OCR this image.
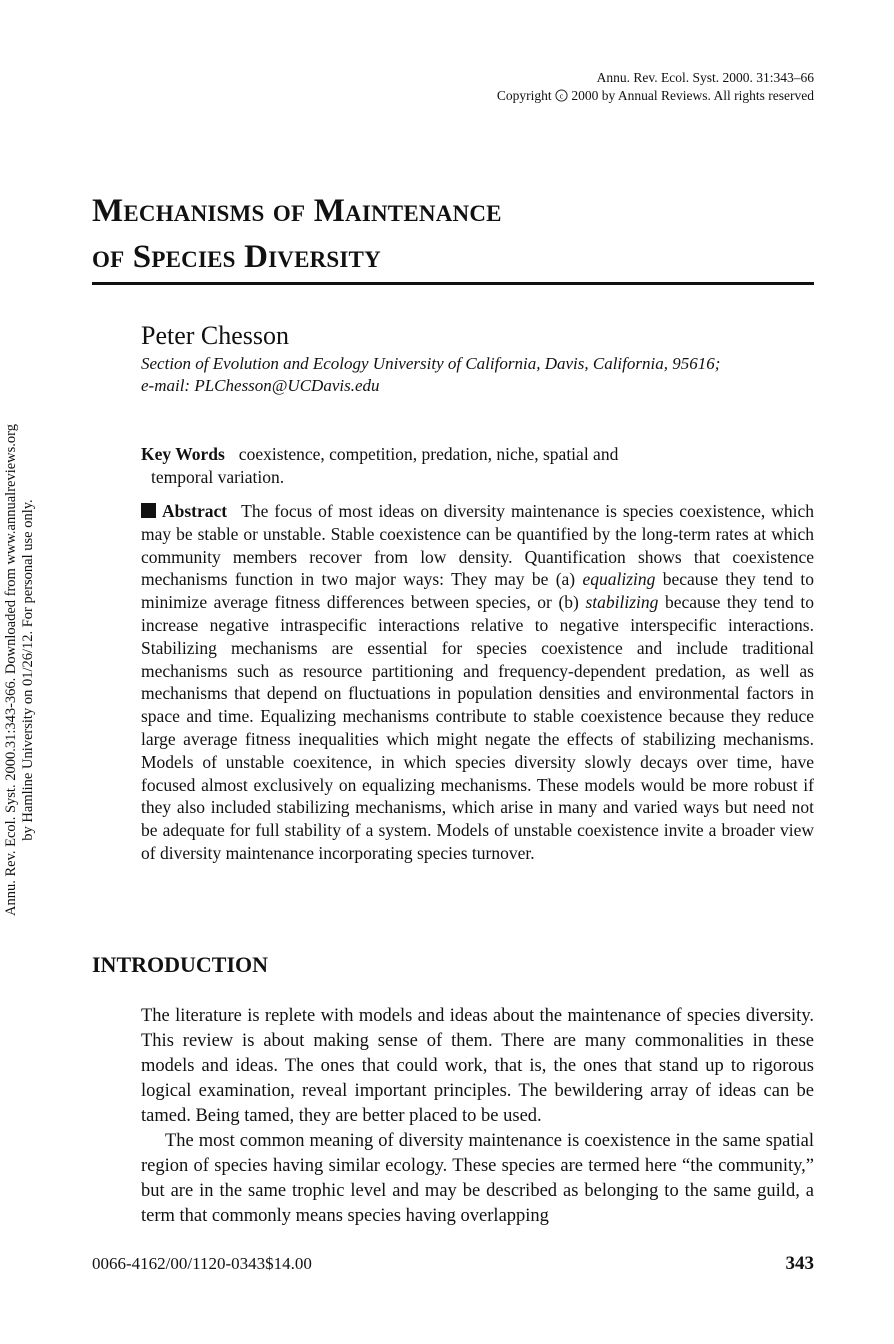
Annu. Rev. Ecol. Syst. 2000. 31:343–66
Copyright c 2000 by Annual Reviews. All rights reserved
Mechanisms of Maintenance
of Species Diversity
Peter Chesson
Section of Evolution and Ecology University of California, Davis, California, 95616;
e-mail: PLChesson@UCDavis.edu
Key Words coexistence, competition, predation, niche, spatial and
temporal variation.
Abstract The focus of most ideas on diversity maintenance is species coexistence, which may be stable or unstable. Stable coexistence can be quantified by the long-term rates at which community members recover from low density. Quantification shows that coexistence mechanisms function in two major ways: They may be (a) equalizing because they tend to minimize average fitness differences between species, or (b) stabilizing because they tend to increase negative intraspecific interactions relative to negative interspecific interactions. Stabilizing mechanisms are essential for species coexistence and include traditional mechanisms such as resource partitioning and frequency-dependent predation, as well as mechanisms that depend on fluctuations in population densities and environmental factors in space and time. Equalizing mechanisms contribute to stable coexistence because they reduce large average fitness inequalities which might negate the effects of stabilizing mechanisms. Models of unstable coexitence, in which species diversity slowly decays over time, have focused almost exclusively on equalizing mechanisms. These models would be more robust if they also included stabilizing mechanisms, which arise in many and varied ways but need not be adequate for full stability of a system. Models of unstable coexistence invite a broader view of diversity maintenance incorporating species turnover.
INTRODUCTION

The literature is replete with models and ideas about the maintenance of species diversity. This review is about making sense of them. There are many commonalities in these models and ideas. The ones that could work, that is, the ones that stand up to rigorous logical examination, reveal important principles. The bewildering array of ideas can be tamed. Being tamed, they are better placed to be used.

The most common meaning of diversity maintenance is coexistence in the same spatial region of species having similar ecology. These species are termed here “the community,” but are in the same trophic level and may be described as belonging to the same guild, a term that commonly means species having overlapping

0066-4162/00/1120-0343$14.00	343
Annu. Rev. Ecol. Syst. 2000.31:343-366. Downloaded from www.annualreviews.org by Hamline University on 01/26/12. For personal use only.
